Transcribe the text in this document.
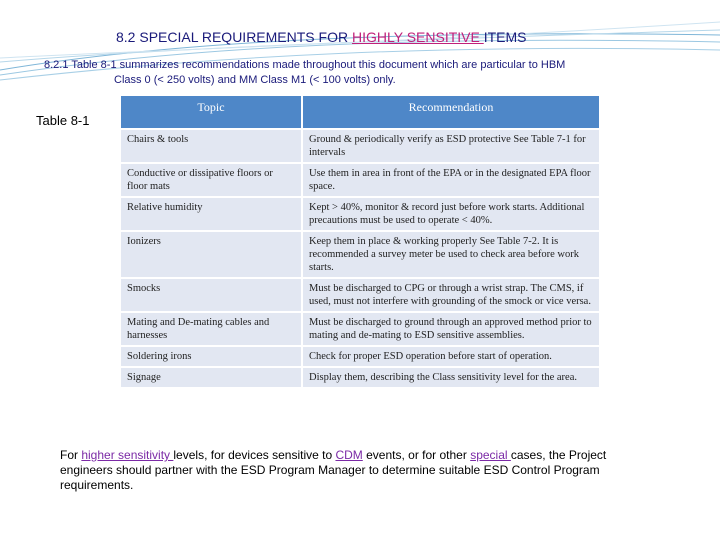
8.2 SPECIAL REQUIREMENTS FOR HIGHLY SENSITIVE ITEMS
8.2.1 Table 8-1 summarizes recommendations made throughout this document which are particular to HBM
Class 0 (< 250 volts) and MM Class M1 (< 100 volts) only.
Table 8-1
Topic	Recommendation
Chairs & tools	Ground & periodically verify as ESD protective See Table 7-1 for intervals
Conductive or dissipative floors or floor mats	Use them in area in front of the EPA or in the designated EPA floor space.
Relative humidity	Kept > 40%, monitor & record just before work starts. Additional precautions must be used to operate < 40%.
Ionizers	Keep them in place & working properly See Table 7-2. It is recommended a survey meter be used to check area before work starts.
Smocks	Must be discharged to CPG or through a wrist strap. The CMS, if used, must not interfere with grounding of the smock or vice versa.
Mating and De-mating cables and harnesses	Must be discharged to ground through an approved method prior to mating and de-mating to ESD sensitive assemblies.
Soldering irons	Check for proper ESD operation before start of operation.
Signage	Display them, describing the Class sensitivity level for the area.
For higher sensitivity levels, for devices sensitive to CDM events, or for other special cases, the Project engineers should partner with the ESD Program Manager to determine suitable ESD Control Program requirements.
